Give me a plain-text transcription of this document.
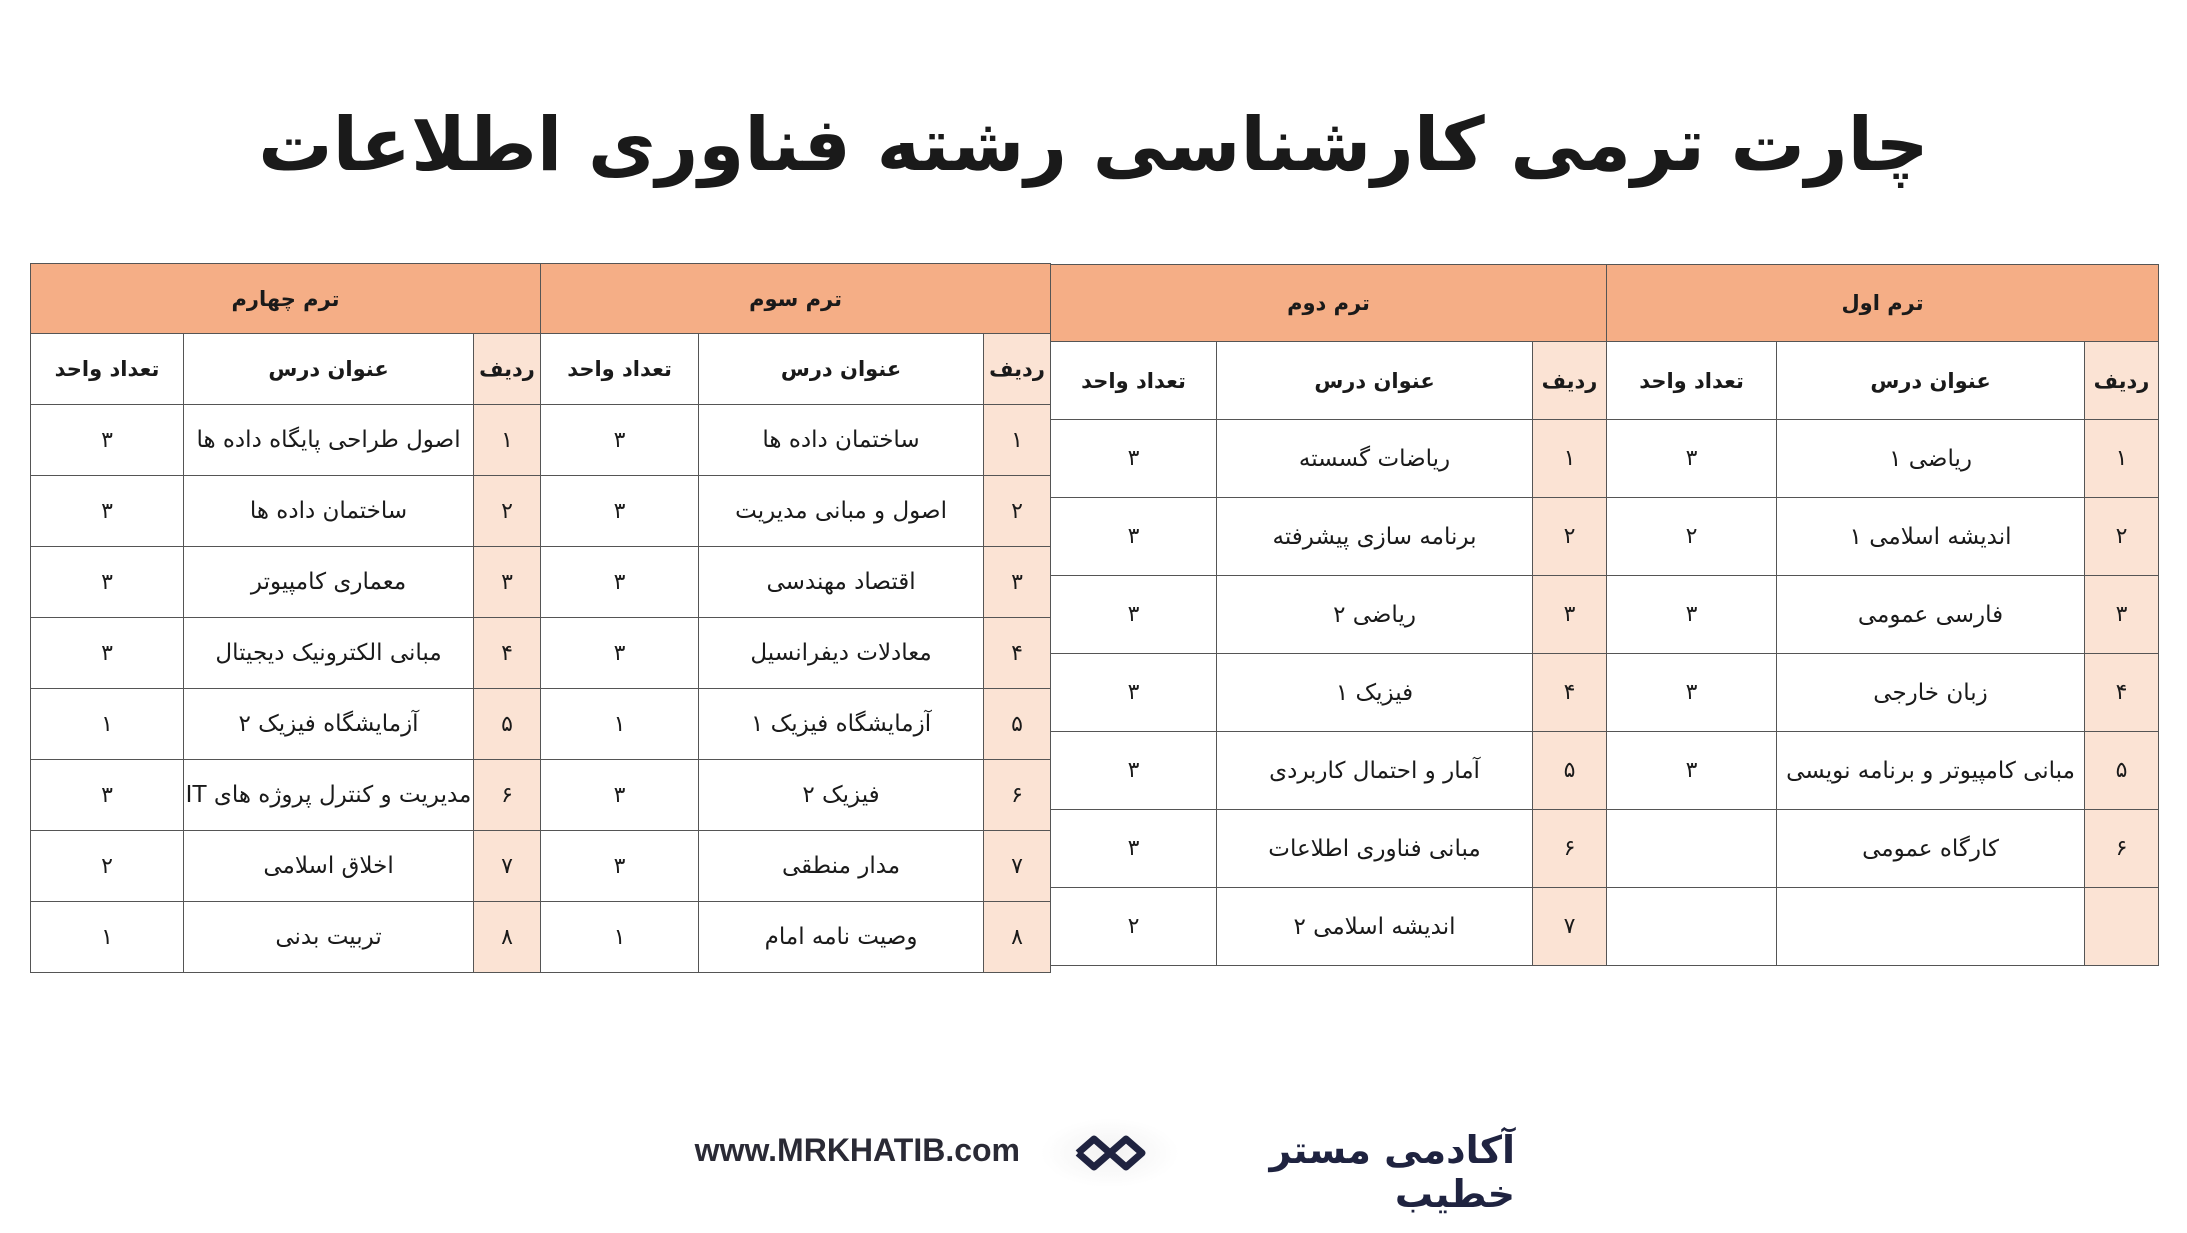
چارت ترمی کارشناسی رشته فناوری اطلاعات
ترم اول			ترم دوم		
ردیف	عنوان درس	تعداد واحد	ردیف	عنوان درس	تعداد واحد
۱	ریاضی ۱	۳	۱	ریاضات گسسته	۳
۲	اندیشه اسلامی ۱	۲	۲	برنامه سازی پیشرفته	۳
۳	فارسی عمومی	۳	۳	ریاضی ۲	۳
۴	زبان خارجی	۳	۴	فیزیک ۱	۳
۵	مبانی کامپیوتر و برنامه نویسی	۳	۵	آمار و احتمال کاربردی	۳
۶	کارگاه عمومی		۶	مبانی فناوری اطلاعات	۳
			۷	اندیشه اسلامی ۲	۲
ترم سوم			ترم چهارم		
ردیف	عنوان درس	تعداد واحد	ردیف	عنوان درس	تعداد واحد
۱	ساختمان داده ها	۳	۱	اصول طراحی پایگاه داده ها	۳
۲	اصول و مبانی مدیریت	۳	۲	ساختمان داده ها	۳
۳	اقتصاد مهندسی	۳	۳	معماری کامپیوتر	۳
۴	معادلات دیفرانسیل	۳	۴	مبانی الکترونیک دیجیتال	۳
۵	آزمایشگاه فیزیک ۱	۱	۵	آزمایشگاه فیزیک ۲	۱
۶	فیزیک ۲	۳	۶	مدیریت و کنترل پروژه های IT	۳
۷	مدار منطقی	۳	۷	اخلاق اسلامی	۲
۸	وصیت نامه امام	۱	۸	تربیت بدنی	۱
آکادمی مستر خطیب
www.MRKHATIB.com
